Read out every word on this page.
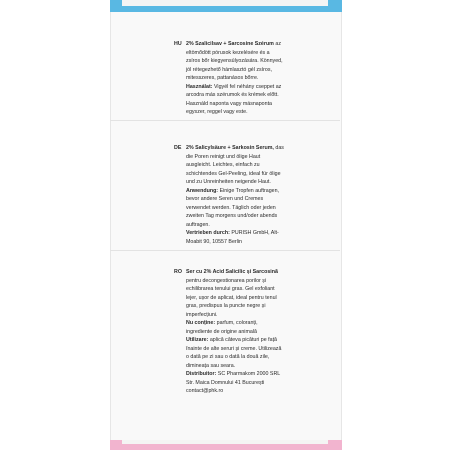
HU 2% Szalicilsav + Sarcosine Szérum az eltömődött pórusok kezelésére és a zsíros bőr kiegyensúlyozására. Könnyed, jól rétegezhető hámlasztó gél zsíros, mitesszeres, pattanásos bőrre.
Használat: Vigyél fel néhány cseppet az arcodra más szérumok és krémek előtt. Használd naponta vagy másnaponta egyszer, reggel vagy este.
DE 2% Salicylsäure + Sarkosin Serum, das die Poren reinigt und ölige Haut ausgleicht. Leichtes, einfach zu schichtendes Gel-Peeling, ideal für ölige und zu Unreinheiten neigende Haut.
Anwendung: Einige Tropfen auftragen, bevor andere Seren und Cremes verwendet werden. Täglich oder jeden zweiten Tag morgens und/oder abends auftragen.
Vertrieben durch: PURISH GmbH, Alt-Moabit 90, 10557 Berlin
RO Ser cu 2% Acid Salicilic și Sarcosină pentru decongestionarea porilor și echilibrarea tenului gras. Gel exfoliant lejer, ușor de aplicat, ideal pentru tenul gras, predispus la puncte negre și imperfecțiuni.
Nu conține: parfum, coloranți, ingrediente de origine animală
Utilizare: aplică câteva picături pe față înainte de alte seruri și creme. Utilizează o dată pe zi sau o dată la două zile, dimineața sau seara.
Distribuitor: SC Pharmakom 2000 SRL Str. Maica Domnului 41 București contact@phk.ro
